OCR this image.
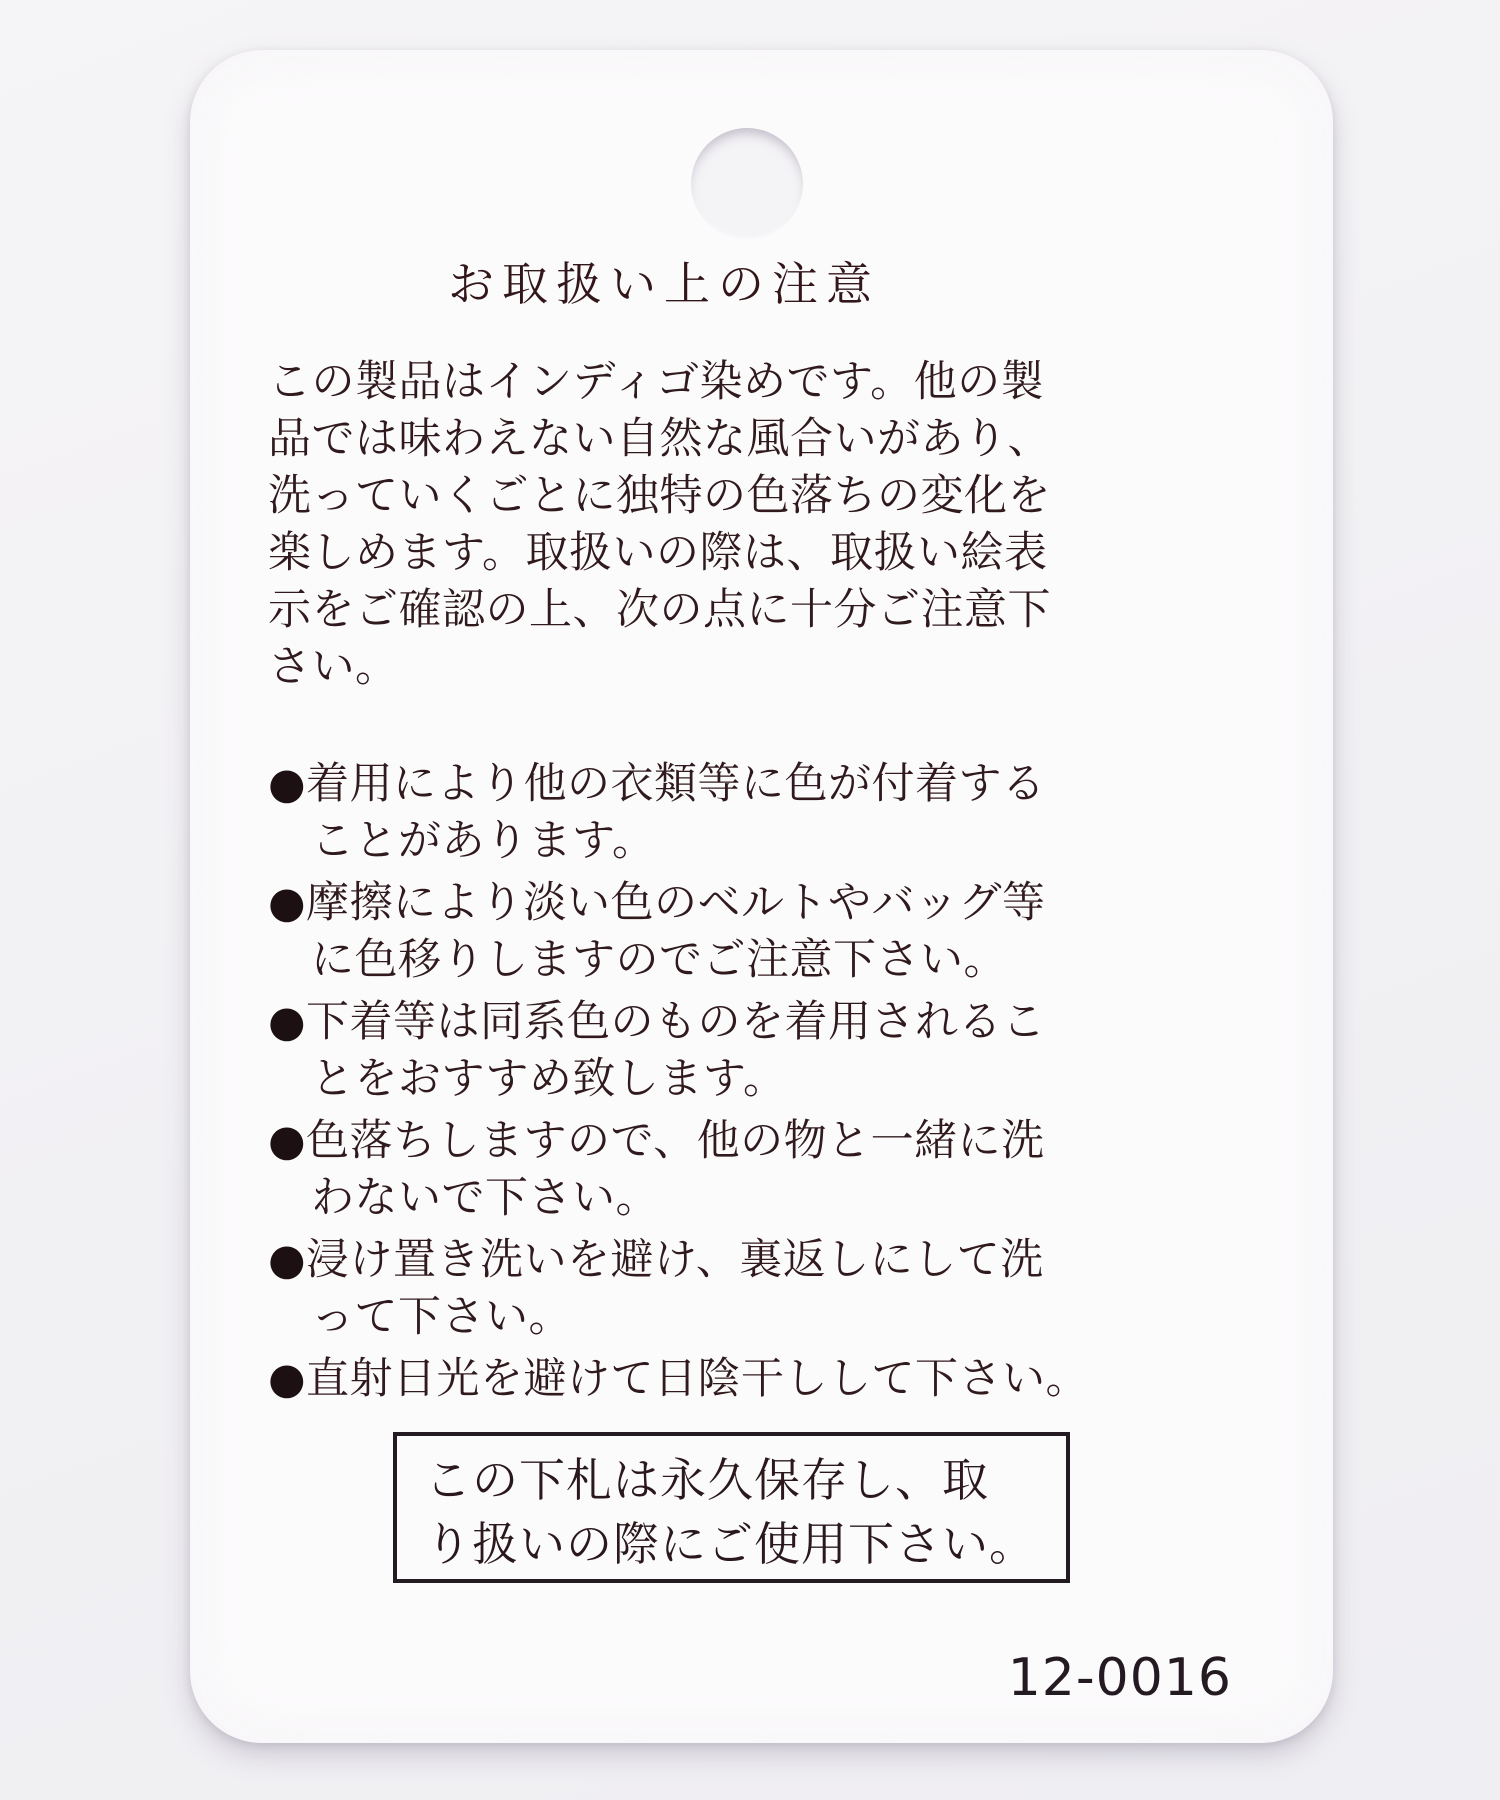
お取扱い上の注意
この製品はインディゴ染めです。他の製
品では味わえない自然な風合いがあり、
洗っていくごとに独特の色落ちの変化を
楽しめます。取扱いの際は、取扱い絵表
示をご確認の上、次の点に十分ご注意下
さい。
●着用により他の衣類等に色が付着する
ことがあります。
●摩擦により淡い色のベルトやバッグ等
に色移りしますのでご注意下さい。
●下着等は同系色のものを着用されるこ
とをおすすめ致します。
●色落ちしますので、他の物と一緒に洗
わないで下さい。
●浸け置き洗いを避け、裏返しにして洗
って下さい。
●直射日光を避けて日陰干しして下さい。
この下札は永久保存し、取
り扱いの際にご使用下さい。
12-0016
